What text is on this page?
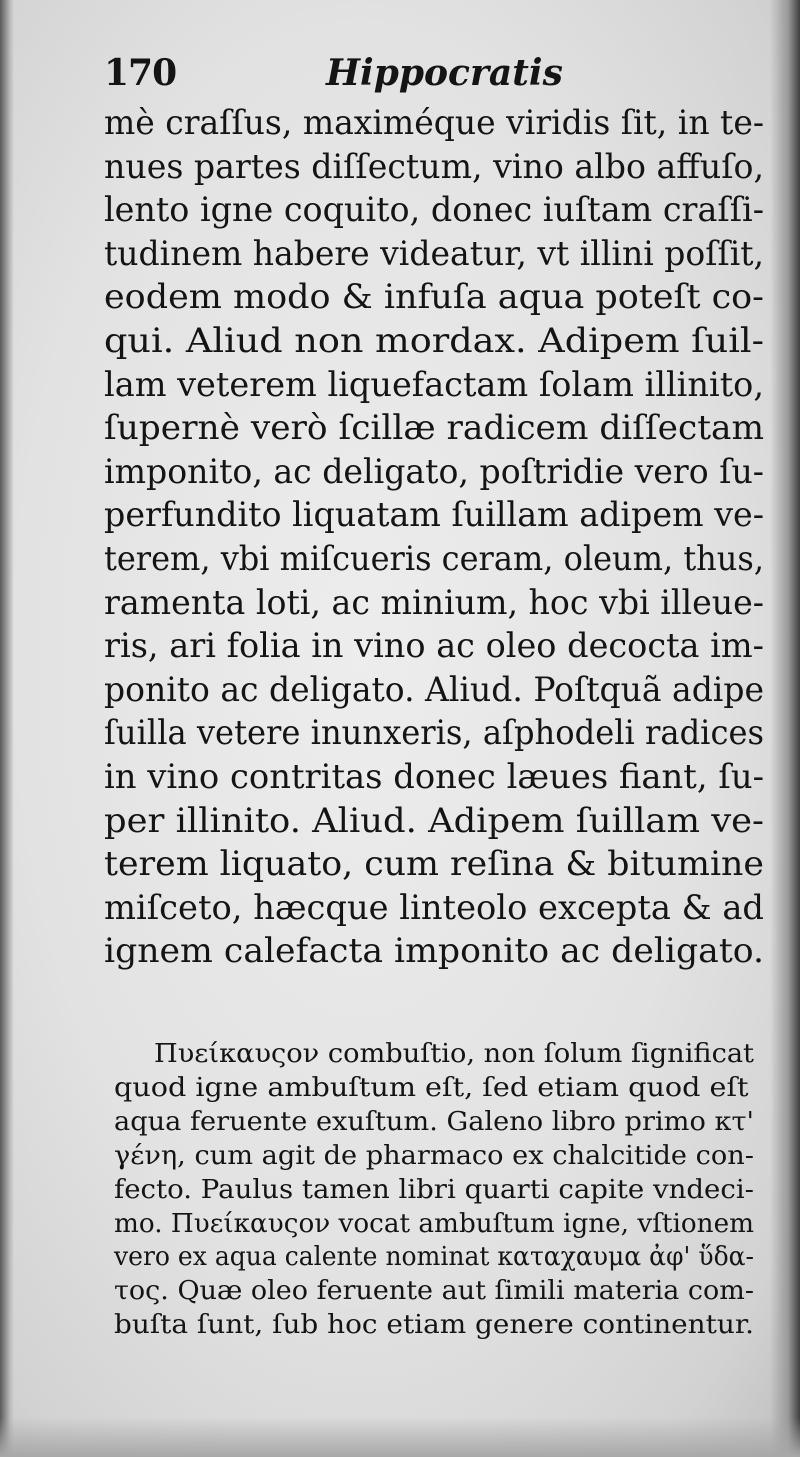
170	Hippocratis
mè craſſus, maximéque viridis ſit, in te-
nues partes diſſectum, vino albo affuſo,
lento igne coquito, donec iuſtam craſſi-
tudinem habere videatur, vt illini poſſit,
eodem modo & infuſa aqua poteſt co-
qui. Aliud non mordax. Adipem ſuil-
lam veterem liquefactam ſolam illinito,
ſupernè verò ſcillæ radicem diſſectam
imponito, ac deligato, poſtridie vero ſu-
perfundito liquatam ſuillam adipem ve-
terem, vbi miſcueris ceram, oleum, thus,
ramenta loti, ac minium, hoc vbi illeue-
ris, ari folia in vino ac oleo decocta im-
ponito ac deligato. Aliud. Poſtquã adipe
ſuilla vetere inunxeris, aſphodeli radices
in vino contritas donec læues fiant, ſu-
per illinito. Aliud. Adipem ſuillam ve-
terem liquato, cum reſina & bitumine
miſceto, hæcque linteolo excepta & ad
ignem calefacta imponito ac deligato.
Πυείκαυςον combuſtio, non ſolum ſignificat
quod igne ambuſtum eſt, ſed etiam quod eſt
aqua feruente exuſtum. Galeno libro primo κτ'
γένη, cum agit de pharmaco ex chalcitide con-
fecto. Paulus tamen libri quarti capite vndeci-
mo. Πυείκαυςον vocat ambuſtum igne, vſtionem
vero ex aqua calente nominat καταχαυμα ἀφ' ὕδα-
τος. Quæ oleo feruente aut ſimili materia com-
buſta ſunt, ſub hoc etiam genere continentur.
